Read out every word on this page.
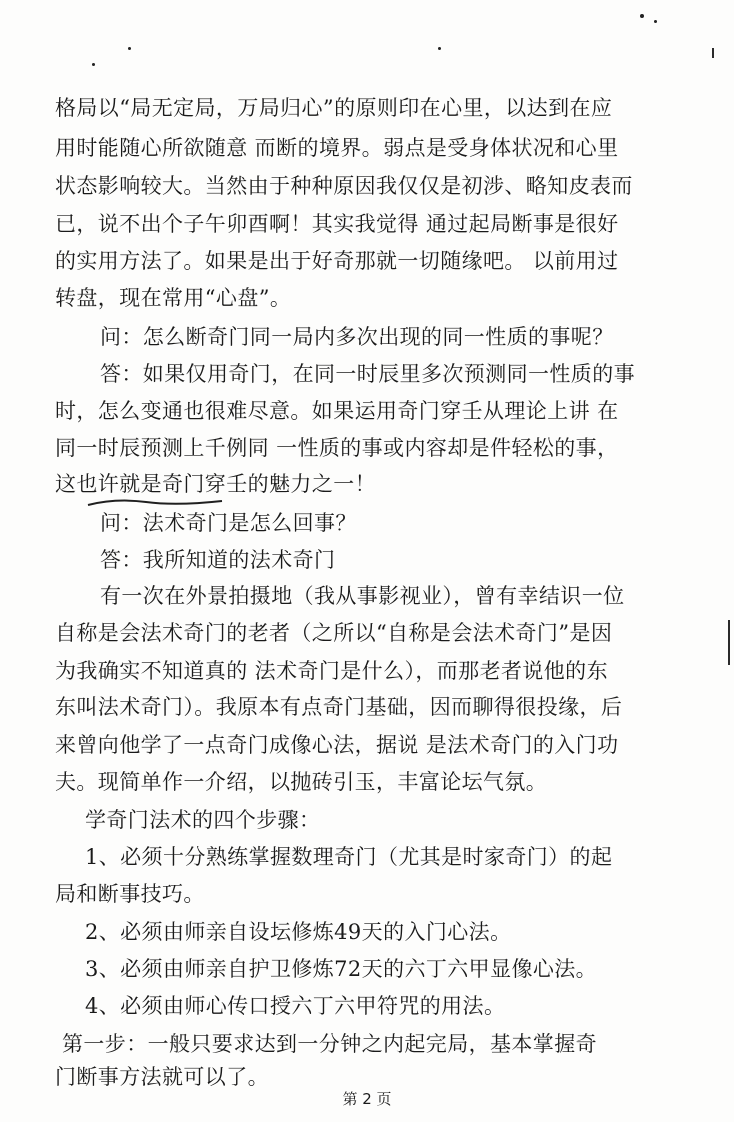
格局以“局无定局，万局归心”的原则印在心里，以达到在应
用时能随心所欲随意 而断的境界。弱点是受身体状况和心里
状态影响较大。当然由于种种原因我仅仅是初涉、略知皮表而
已，说不出个子午卯酉啊！其实我觉得 通过起局断事是很好
的实用方法了。如果是出于好奇那就一切随缘吧。 以前用过
转盘，现在常用“心盘”。
问：怎么断奇门同一局内多次出现的同一性质的事呢？
答：如果仅用奇门，在同一时辰里多次预测同一性质的事
时，怎么变通也很难尽意。如果运用奇门穿壬从理论上讲 在
同一时辰预测上千例同 一性质的事或内容却是件轻松的事，
这也许就是奇门穿壬的魅力之一！
问：法术奇门是怎么回事？
答：我所知道的法术奇门
有一次在外景拍摄地（我从事影视业），曾有幸结识一位
自称是会法术奇门的老者（之所以“自称是会法术奇门”是因
为我确实不知道真的 法术奇门是什么），而那老者说他的东
东叫法术奇门）。我原本有点奇门基础，因而聊得很投缘，后
来曾向他学了一点奇门成像心法，据说 是法术奇门的入门功
夫。现简单作一介绍，以抛砖引玉，丰富论坛气氛。
学奇门法术的四个步骤：
1、必须十分熟练掌握数理奇门（尤其是时家奇门）的起
局和断事技巧。
2、必须由师亲自设坛修炼49天的入门心法。
3、必须由师亲自护卫修炼72天的六丁六甲显像心法。
4、必须由师心传口授六丁六甲符咒的用法。
第一步：一般只要求达到一分钟之内起完局，基本掌握奇
门断事方法就可以了。
第 2 页
